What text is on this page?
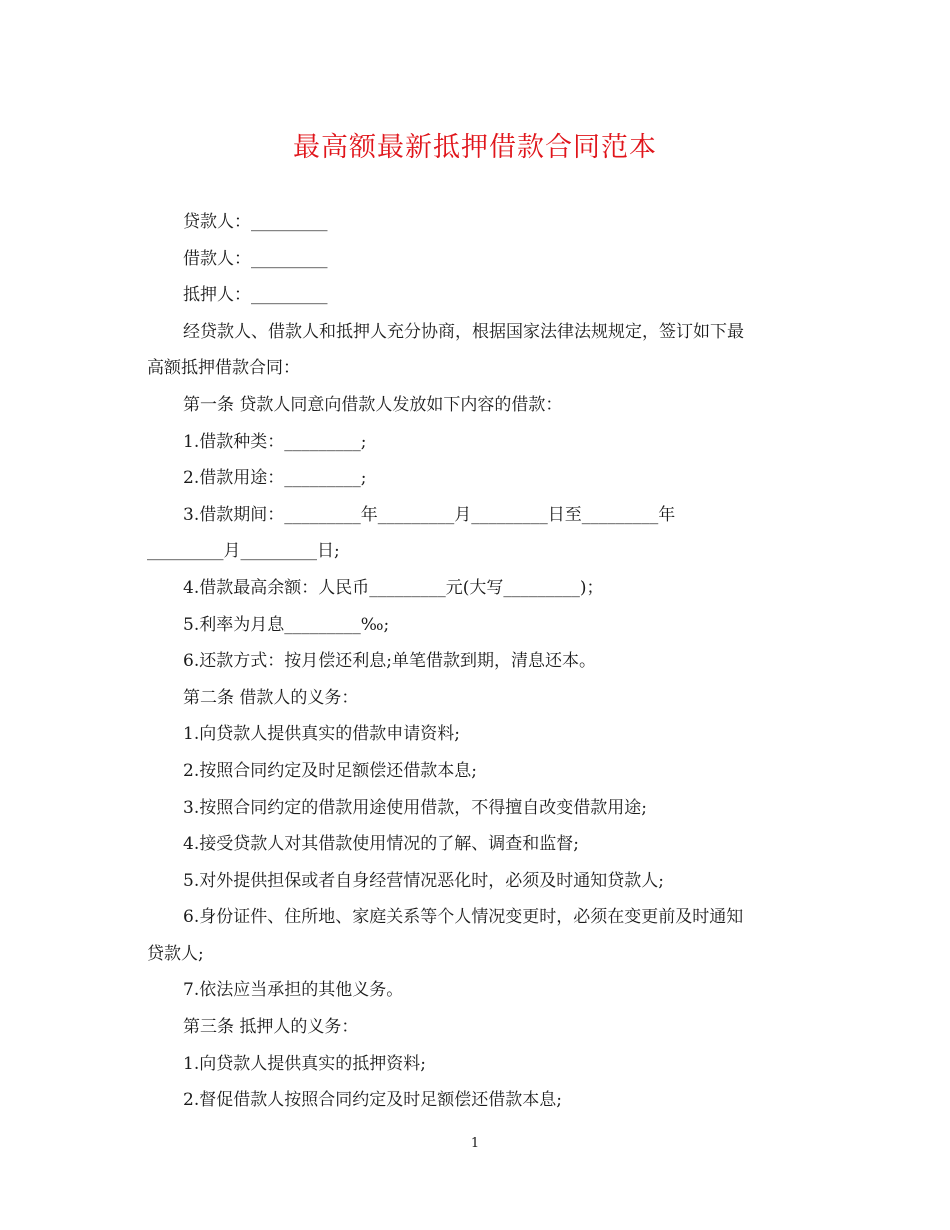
最高额最新抵押借款合同范本

贷款人：_________

借款人：_________

抵押人：_________

经贷款人、借款人和抵押人充分协商，根据国家法律法规规定，签订如下最

高额抵押借款合同：

第一条 贷款人同意向借款人发放如下内容的借款：

1.借款种类：_________;

2.借款用途：_________;

3.借款期间：_________年_________月_________日至_________年

_________月_________日;

4.借款最高余额：人民币_________元(大写_________)；

5.利率为月息_________‰;

6.还款方式：按月偿还利息;单笔借款到期，清息还本。

第二条 借款人的义务：

1.向贷款人提供真实的借款申请资料;

2.按照合同约定及时足额偿还借款本息;

3.按照合同约定的借款用途使用借款，不得擅自改变借款用途;

4.接受贷款人对其借款使用情况的了解、调查和监督;

5.对外提供担保或者自身经营情况恶化时，必须及时通知贷款人;

6.身份证件、住所地、家庭关系等个人情况变更时，必须在变更前及时通知

贷款人;

7.依法应当承担的其他义务。

第三条 抵押人的义务：

1.向贷款人提供真实的抵押资料;

2.督促借款人按照合同约定及时足额偿还借款本息;

1
